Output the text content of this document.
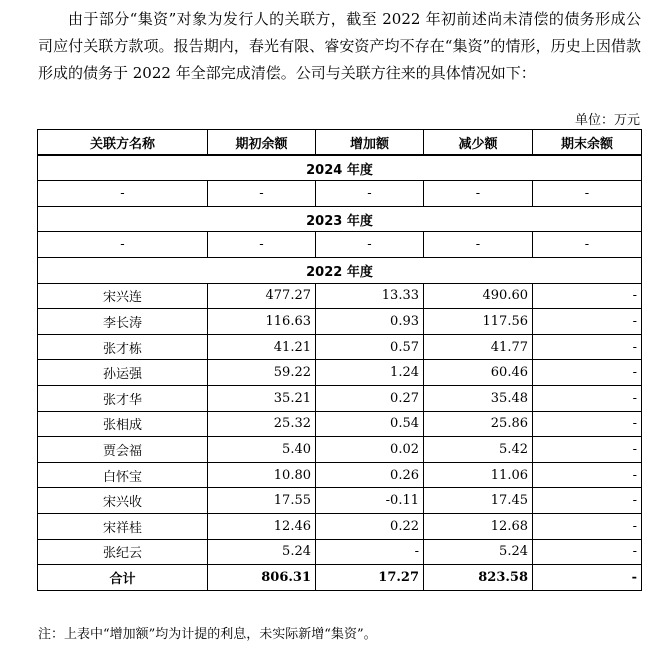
由于部分“集资”对象为发行人的关联方，截至 2022 年初前述尚未清偿的债务形成公司应付关联方款项。报告期内，春光有限、睿安资产均不存在“集资”的情形，历史上因借款形成的债务于 2022 年全部完成清偿。公司与关联方往来的具体情况如下：

单位：万元
关联方名称	期初余额	增加额	减少额	期末余额
2024 年度				
-	-	-	-	-
2023 年度				
-	-	-	-	-
2022 年度				
宋兴连	477.27	13.33	490.60	-
李长涛	116.63	0.93	117.56	-
张才栋	41.21	0.57	41.77	-
孙运强	59.22	1.24	60.46	-
张才华	35.21	0.27	35.48	-
张相成	25.32	0.54	25.86	-
贾会福	5.40	0.02	5.42	-
白怀宝	10.80	0.26	11.06	-
宋兴收	17.55	-0.11	17.45	-
宋祥桂	12.46	0.22	12.68	-
张纪云	5.24	-	5.24	-
合计	806.31	17.27	823.58	-
注：上表中“增加额”均为计提的利息，未实际新增“集资”。
